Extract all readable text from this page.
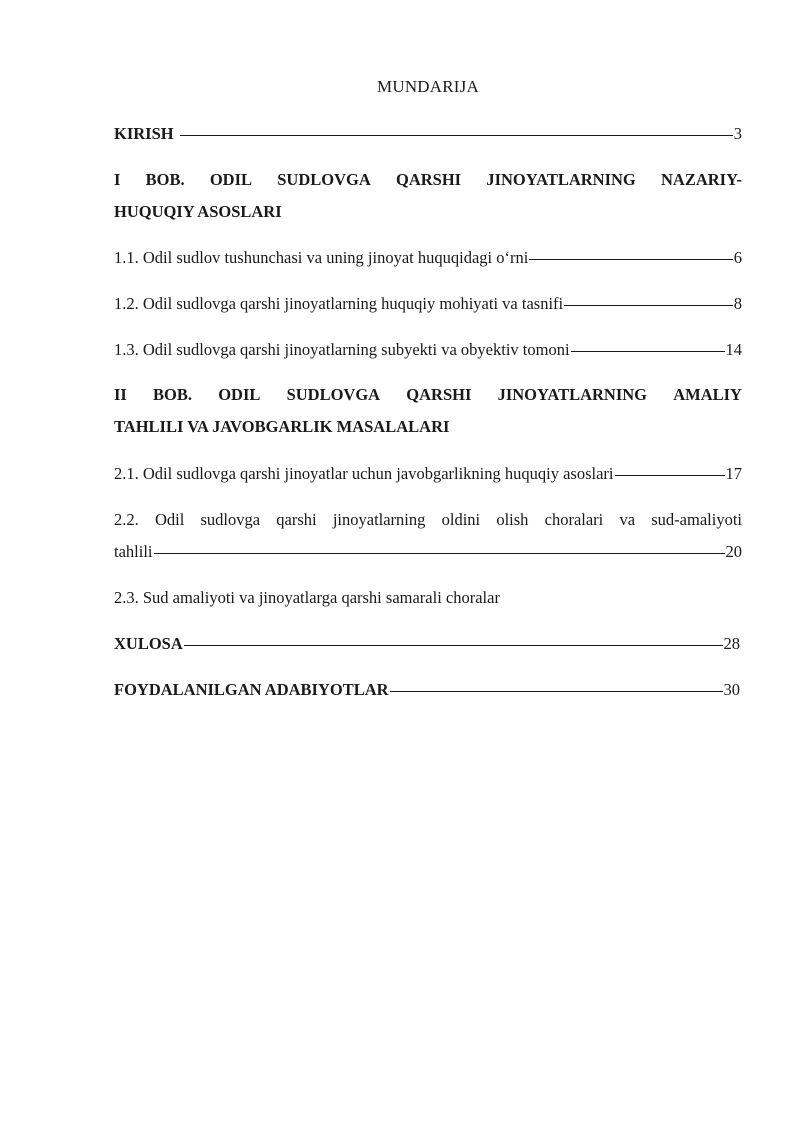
MUNDARIJA
KIRISH	3
I BOB. ODIL SUDLOVGA QARSHI JINOYATLARNING NAZARIY-
HUQUQIY ASOSLARI
1.1. Odil sudlov tushunchasi va uning jinoyat huquqidagi o‘rni	6
1.2. Odil sudlovga qarshi jinoyatlarning huquqiy mohiyati va tasnifi	8
1.3. Odil sudlovga qarshi jinoyatlarning subyekti va obyektiv tomoni	14
II BOB. ODIL SUDLOVGA QARSHI JINOYATLARNING AMALIY
TAHLILI VA JAVOBGARLIK MASALALARI
2.1. Odil sudlovga qarshi jinoyatlar uchun javobgarlikning huquqiy asoslari	17
2.2. Odil sudlovga qarshi jinoyatlarning oldini olish choralari va sud-amaliyoti
tahlili	20
2.3. Sud amaliyoti va jinoyatlarga qarshi samarali choralar
XULOSA	28
FOYDALANILGAN ADABIYOTLAR	30
